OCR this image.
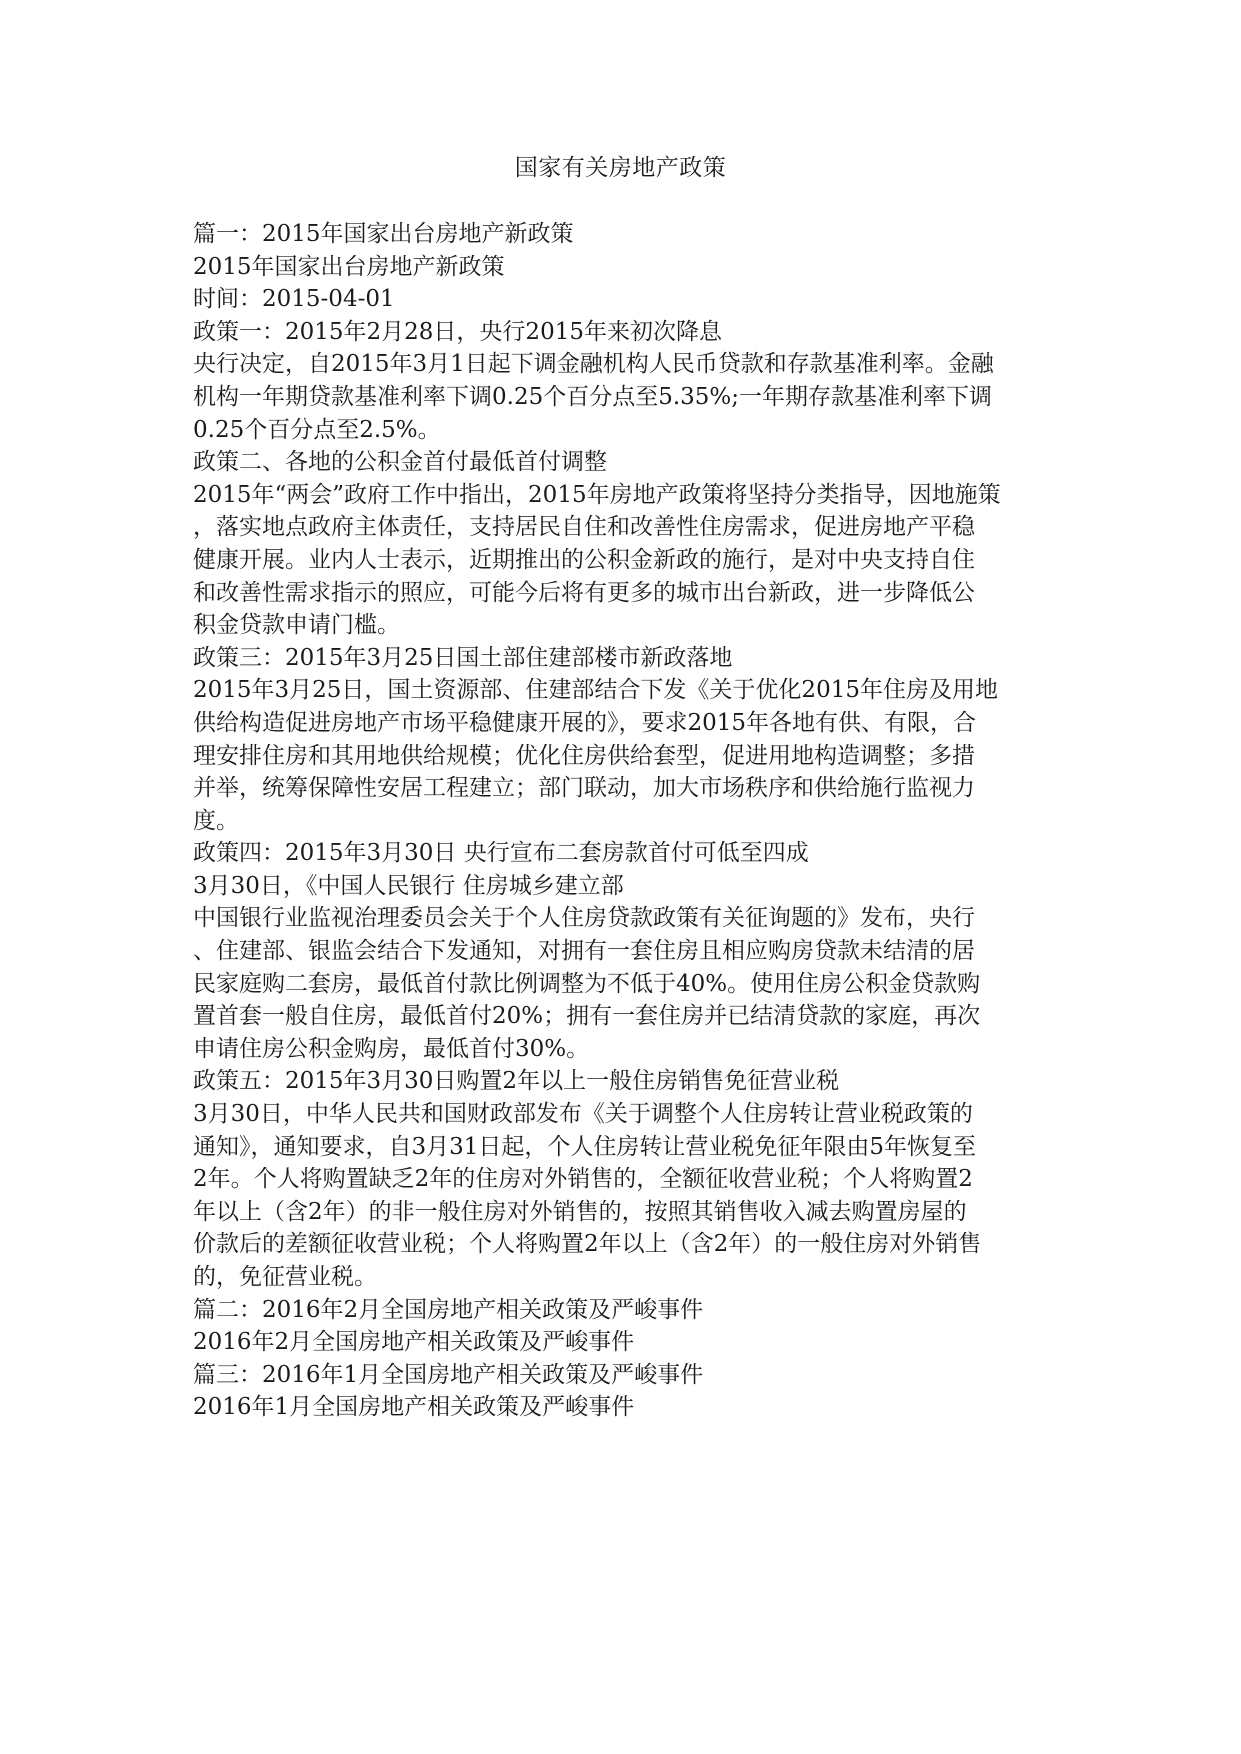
国家有关房地产政策
篇一：2015年国家出台房地产新政策
2015年国家出台房地产新政策
时间：2015-04-01
政策一：2015年2月28日，央行2015年来初次降息
央行决定，自2015年3月1日起下调金融机构人民币贷款和存款基准利率。金融
机构一年期贷款基准利率下调0.25个百分点至5.35%;一年期存款基准利率下调
0.25个百分点至2.5%。
政策二、各地的公积金首付最低首付调整
2015年“两会”政府工作中指出，2015年房地产政策将坚持分类指导，因地施策
，落实地点政府主体责任，支持居民自住和改善性住房需求，促进房地产平稳
健康开展。业内人士表示，近期推出的公积金新政的施行，是对中央支持自住
和改善性需求指示的照应，可能今后将有更多的城市出台新政，进一步降低公
积金贷款申请门槛。
政策三：2015年3月25日国土部住建部楼市新政落地
2015年3月25日，国土资源部、住建部结合下发《关于优化2015年住房及用地
供给构造促进房地产市场平稳健康开展的》，要求2015年各地有供、有限，合
理安排住房和其用地供给规模；优化住房供给套型，促进用地构造调整；多措
并举，统筹保障性安居工程建立；部门联动，加大市场秩序和供给施行监视力
度。
政策四：2015年3月30日 央行宣布二套房款首付可低至四成
3月30日，《中国人民银行 住房城乡建立部
中国银行业监视治理委员会关于个人住房贷款政策有关征询题的》发布，央行
、住建部、银监会结合下发通知，对拥有一套住房且相应购房贷款未结清的居
民家庭购二套房，最低首付款比例调整为不低于40%。使用住房公积金贷款购
置首套一般自住房，最低首付20%；拥有一套住房并已结清贷款的家庭，再次
申请住房公积金购房，最低首付30%。
政策五：2015年3月30日购置2年以上一般住房销售免征营业税
3月30日，中华人民共和国财政部发布《关于调整个人住房转让营业税政策的
通知》，通知要求，自3月31日起，个人住房转让营业税免征年限由5年恢复至
2年。个人将购置缺乏2年的住房对外销售的，全额征收营业税；个人将购置2
年以上（含2年）的非一般住房对外销售的，按照其销售收入减去购置房屋的
价款后的差额征收营业税；个人将购置2年以上（含2年）的一般住房对外销售
的，免征营业税。
篇二：2016年2月全国房地产相关政策及严峻事件
2016年2月全国房地产相关政策及严峻事件
篇三：2016年1月全国房地产相关政策及严峻事件
2016年1月全国房地产相关政策及严峻事件
